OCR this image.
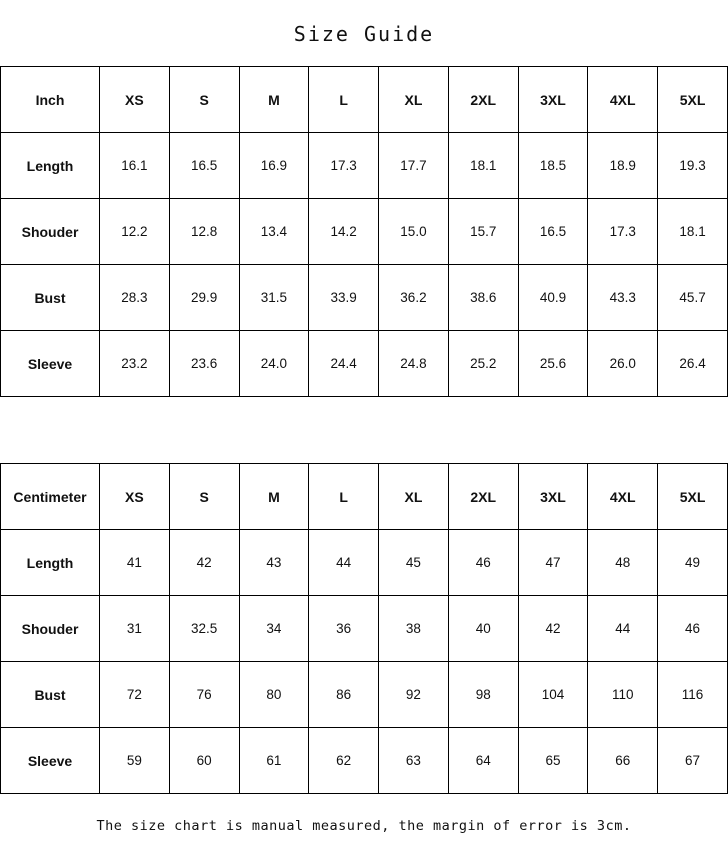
Size Guide
Inch	XS	S	M	L	XL	2XL	3XL	4XL	5XL
Length	16.1	16.5	16.9	17.3	17.7	18.1	18.5	18.9	19.3
Shouder	12.2	12.8	13.4	14.2	15.0	15.7	16.5	17.3	18.1
Bust	28.3	29.9	31.5	33.9	36.2	38.6	40.9	43.3	45.7
Sleeve	23.2	23.6	24.0	24.4	24.8	25.2	25.6	26.0	26.4
Centimeter	XS	S	M	L	XL	2XL	3XL	4XL	5XL
Length	41	42	43	44	45	46	47	48	49
Shouder	31	32.5	34	36	38	40	42	44	46
Bust	72	76	80	86	92	98	104	110	116
Sleeve	59	60	61	62	63	64	65	66	67
The size chart is manual measured, the margin of error is 3cm.
